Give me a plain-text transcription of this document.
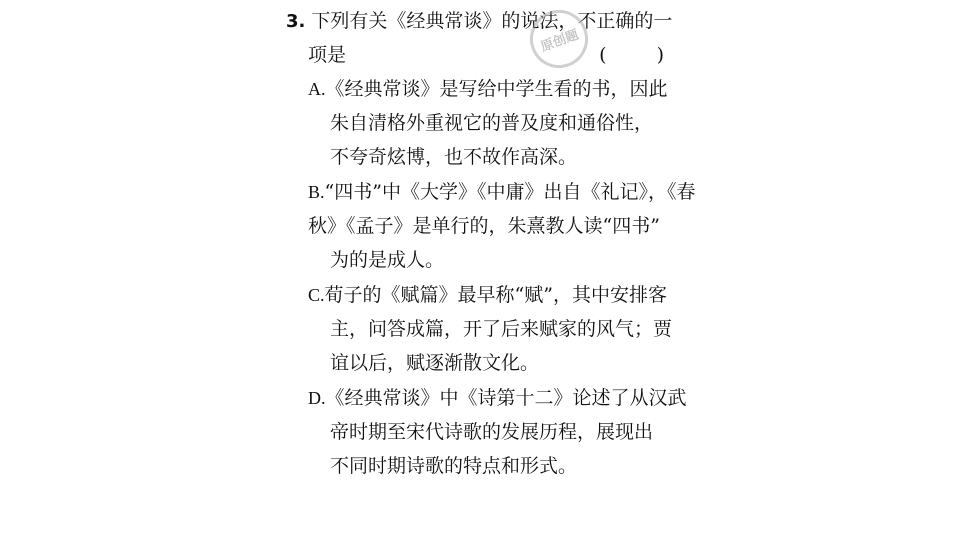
3. 下列有关《经典常谈》的说法，不正确的一
项是	( )
A.《经典常谈》是写给中学生看的书，因此
朱自清格外重视它的普及度和通俗性，
不夸奇炫博，也不故作高深。
B.“四书”中《大学》《中庸》出自《礼记》，《春
秋》《孟子》是单行的，朱熹教人读“四书”
为的是成人。
C.荀子的《赋篇》最早称“赋”，其中安排客
主，问答成篇，开了后来赋家的风气；贾
谊以后，赋逐渐散文化。
D.《经典常谈》中《诗第十二》论述了从汉武
帝时期至宋代诗歌的发展历程，展现出
不同时期诗歌的特点和形式。
原创题
